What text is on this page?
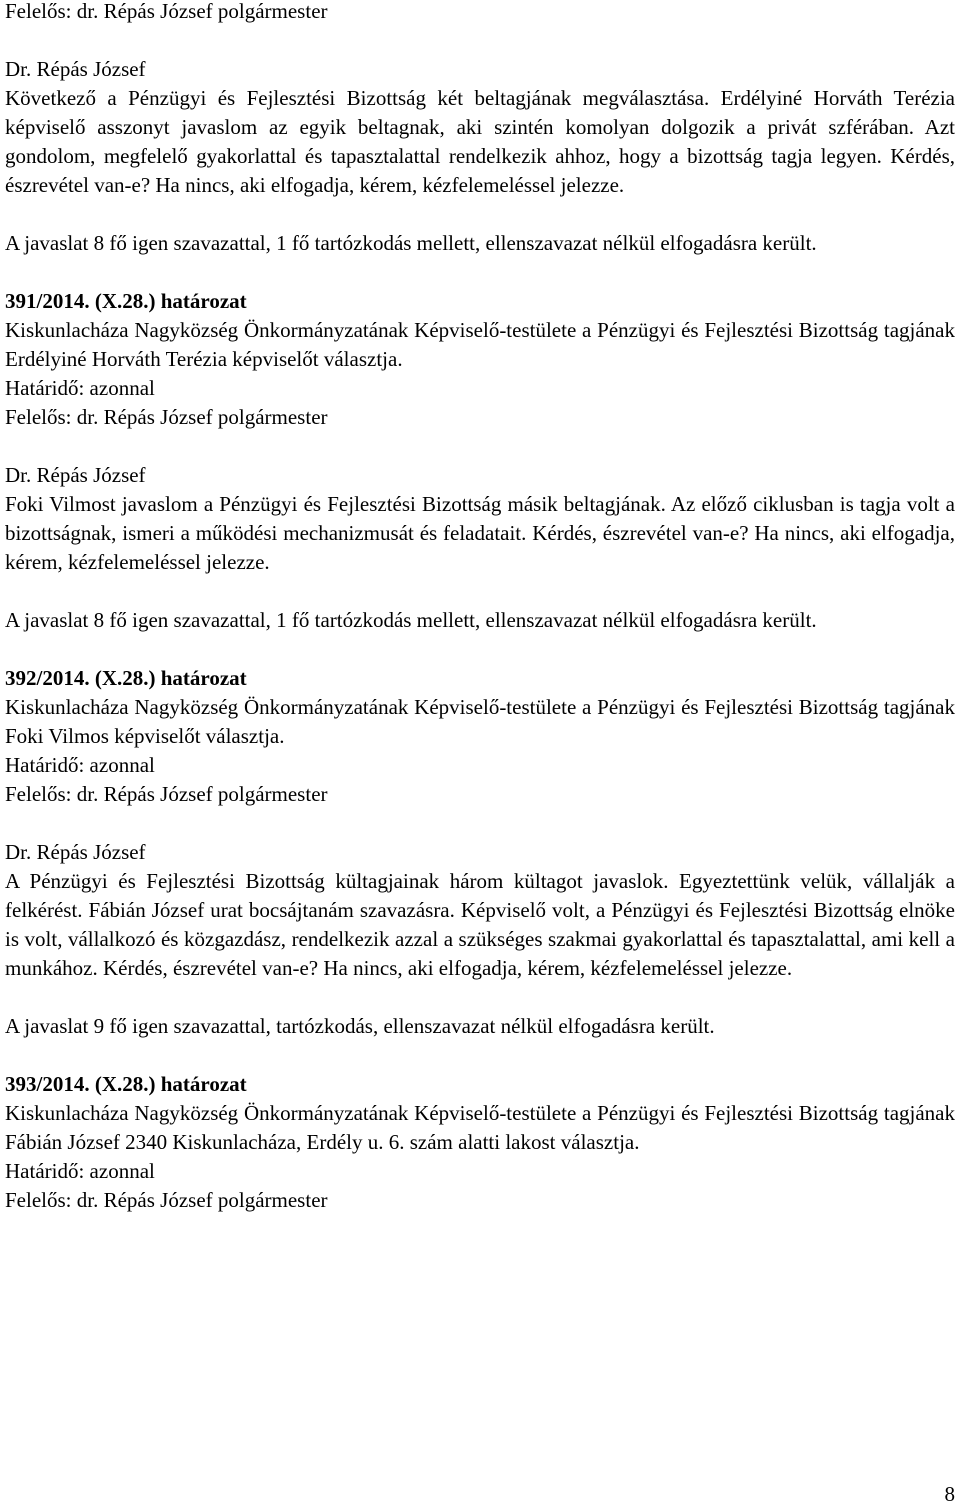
Felelős: dr. Répás József polgármester

Dr. Répás József

Következő a Pénzügyi és Fejlesztési Bizottság két beltagjának megválasztása. Erdélyiné Horváth Terézia képviselő asszonyt javaslom az egyik beltagnak, aki szintén komolyan dolgozik a privát szférában. Azt gondolom, megfelelő gyakorlattal és tapasztalattal rendelkezik ahhoz, hogy a bizottság tagja legyen. Kérdés, észrevétel van-e? Ha nincs, aki elfogadja, kérem, kézfelemeléssel jelezze.

A javaslat 8 fő igen szavazattal, 1 fő tartózkodás mellett, ellenszavazat nélkül elfogadásra került.

391/2014. (X.28.) határozat

Kiskunlacháza Nagyközség Önkormányzatának Képviselő-testülete a Pénzügyi és Fejlesztési Bizottság tagjának Erdélyiné Horváth Terézia képviselőt választja.

Határidő: azonnal

Felelős: dr. Répás József polgármester

Dr. Répás József

Foki Vilmost javaslom a Pénzügyi és Fejlesztési Bizottság másik beltagjának. Az előző ciklusban is tagja volt a bizottságnak, ismeri a működési mechanizmusát és feladatait. Kérdés, észrevétel van-e? Ha nincs, aki elfogadja, kérem, kézfelemeléssel jelezze.

A javaslat 8 fő igen szavazattal, 1 fő tartózkodás mellett, ellenszavazat nélkül elfogadásra került.

392/2014. (X.28.) határozat

Kiskunlacháza Nagyközség Önkormányzatának Képviselő-testülete a Pénzügyi és Fejlesztési Bizottság tagjának Foki Vilmos képviselőt választja.

Határidő: azonnal

Felelős: dr. Répás József polgármester

Dr. Répás József

A Pénzügyi és Fejlesztési Bizottság kültagjainak három kültagot javaslok. Egyeztettünk velük, vállalják a felkérést. Fábián József urat bocsájtanám szavazásra. Képviselő volt, a Pénzügyi és Fejlesztési Bizottság elnöke is volt, vállalkozó és közgazdász, rendelkezik azzal a szükséges szakmai gyakorlattal és tapasztalattal, ami kell a munkához. Kérdés, észrevétel van-e? Ha nincs, aki elfogadja, kérem, kézfelemeléssel jelezze.

A javaslat 9 fő igen szavazattal, tartózkodás, ellenszavazat nélkül elfogadásra került.

393/2014. (X.28.) határozat

Kiskunlacháza Nagyközség Önkormányzatának Képviselő-testülete a Pénzügyi és Fejlesztési Bizottság tagjának Fábián József 2340 Kiskunlacháza, Erdély u. 6. szám alatti lakost választja.

Határidő: azonnal

Felelős: dr. Répás József polgármester

8
